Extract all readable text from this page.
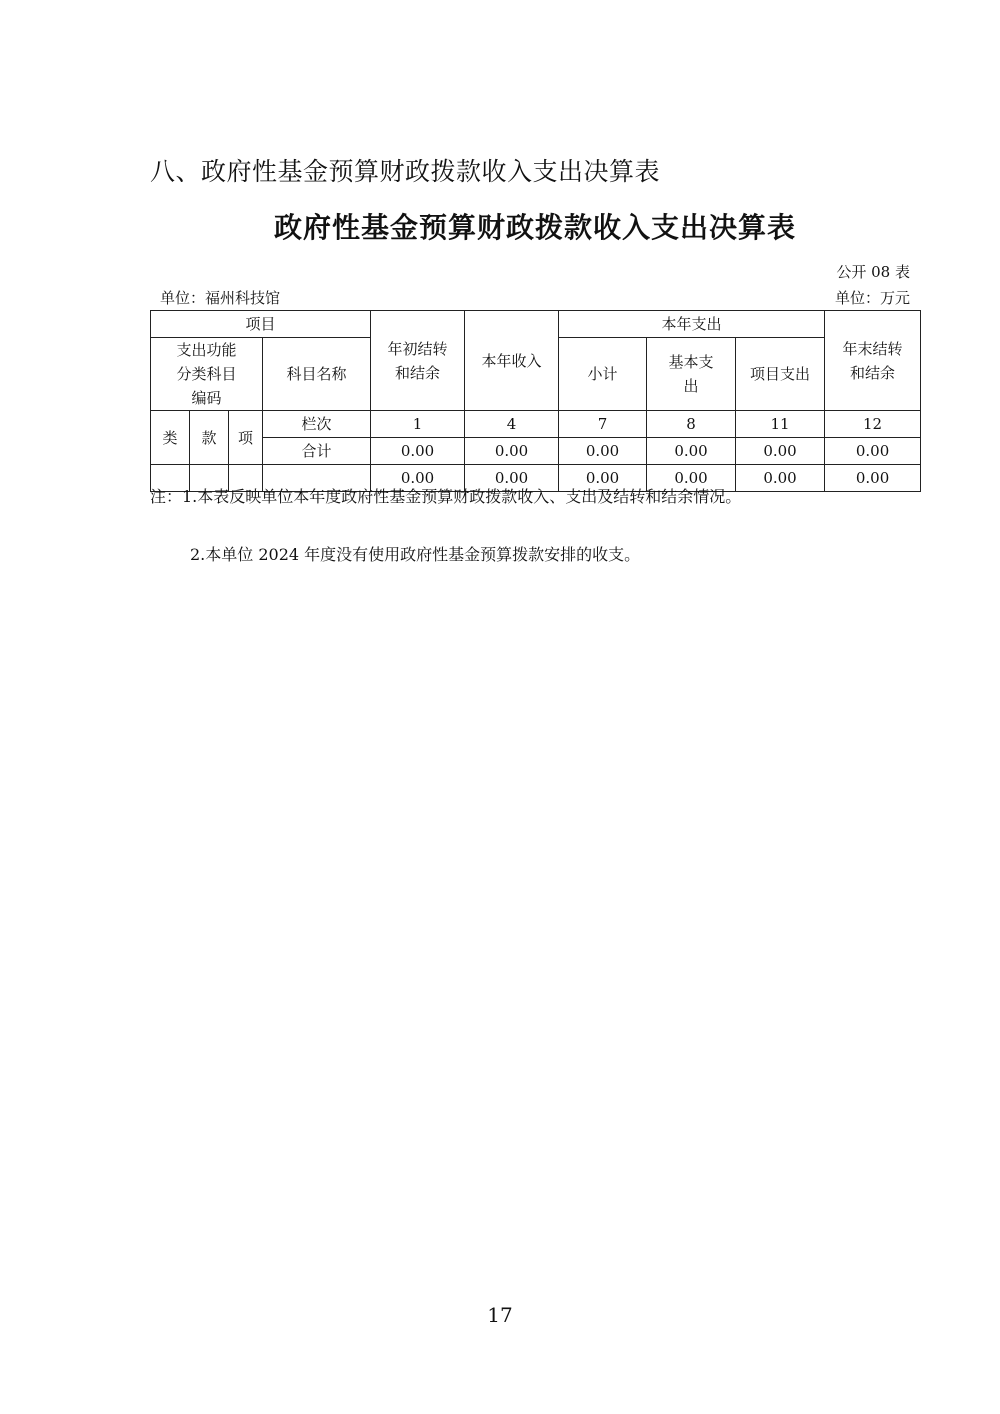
八、政府性基金预算财政拨款收入支出决算表
政府性基金预算财政拨款收入支出决算表
公开 08 表
单位：福州科技馆	单位：万元
项目				年初结转和结余	本年收入	本年支出			年末结转和结余
支出功能分类科目编码			科目名称			小计	基本支出	项目支出	

类	款	项	栏次	1	4	7	8	11	12
			合计	0.00	0.00	0.00	0.00	0.00	0.00
				0.00	0.00	0.00	0.00	0.00	0.00
注：1.本表反映单位本年度政府性基金预算财政拨款收入、支出及结转和结余情况。
2.本单位 2024 年度没有使用政府性基金预算拨款安排的收支。
17
